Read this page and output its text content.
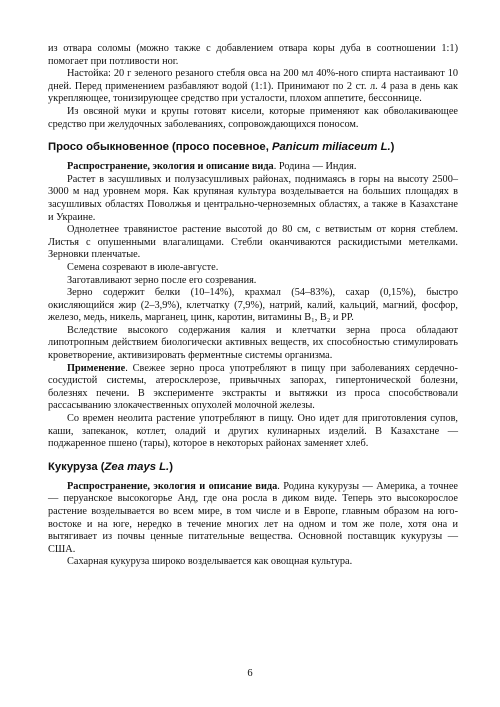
из отвара соломы (можно также с добавлением отвара коры дуба в соотношении 1:1) помогает при потливости ног.

Настойка: 20 г зеленого резаного стебля овса на 200 мл 40%-ного спирта настаивают 10 дней. Перед применением разбавляют водой (1:1). Принимают по 2 ст. л. 4 раза в день как укрепляющее, тонизирующее средство при усталости, плохом аппетите, бессоннице.

Из овсяной муки и крупы готовят кисели, которые применяют как обволакивающее средство при желудочных заболеваниях, сопровождающихся поносом.

Просо обыкновенное (просо посевное, Panicum miliaceum L.)

Распространение, экология и описание вида. Родина — Индия.

Растет в засушливых и полузасушливых районах, поднимаясь в горы на высоту 2500–3000 м над уровнем моря. Как крупяная культура возделывается на больших площадях в засушливых областях Поволжья и центрально-черноземных областях, а также в Казахстане и Украине.

Однолетнее травянистое растение высотой до 80 см, с ветвистым от корня стеблем. Листья с опушенными влагалищами. Стебли оканчиваются раскидистыми метелками. Зерновки пленчатые.

Семена созревают в июле-августе.

Заготавливают зерно после его созревания.

Зерно содержит белки (10–14%), крахмал (54–83%), сахар (0,15%), быстро окисляющийся жир (2–3,9%), клетчатку (7,9%), натрий, калий, кальций, магний, фосфор, железо, медь, никель, марганец, цинк, каротин, витамины B₁, B₂ и PP.

Вследствие высокого содержания калия и клетчатки зерна проса обладают липотропным действием биологически активных веществ, их способностью стимулировать кроветворение, активизировать ферментные системы организма.

Применение. Свежее зерно проса употребляют в пищу при заболеваниях сердечно-сосудистой системы, атеросклерозе, привычных запорах, гипертонической болезни, болезнях печени. В эксперименте экстракты и вытяжки из проса способствовали рассасыванию злокачественных опухолей молочной железы.

Со времен неолита растение употребляют в пищу. Оно идет для приготовления супов, каши, запеканок, котлет, оладий и других кулинарных изделий. В Казахстане — поджаренное пшено (тары), которое в некоторых районах заменяет хлеб.

Кукуруза (Zea mays L.)

Распространение, экология и описание вида. Родина кукурузы — Америка, а точнее — перуанское высокогорье Анд, где она росла в диком виде. Теперь это высокорослое растение возделывается во всем мире, в том числе и в Европе, главным образом на юго-востоке и на юге, нередко в течение многих лет на одном и том же поле, хотя она и вытягивает из почвы ценные питательные вещества. Основной поставщик кукурузы — США.

Сахарная кукуруза широко возделывается как овощная культура.

6
